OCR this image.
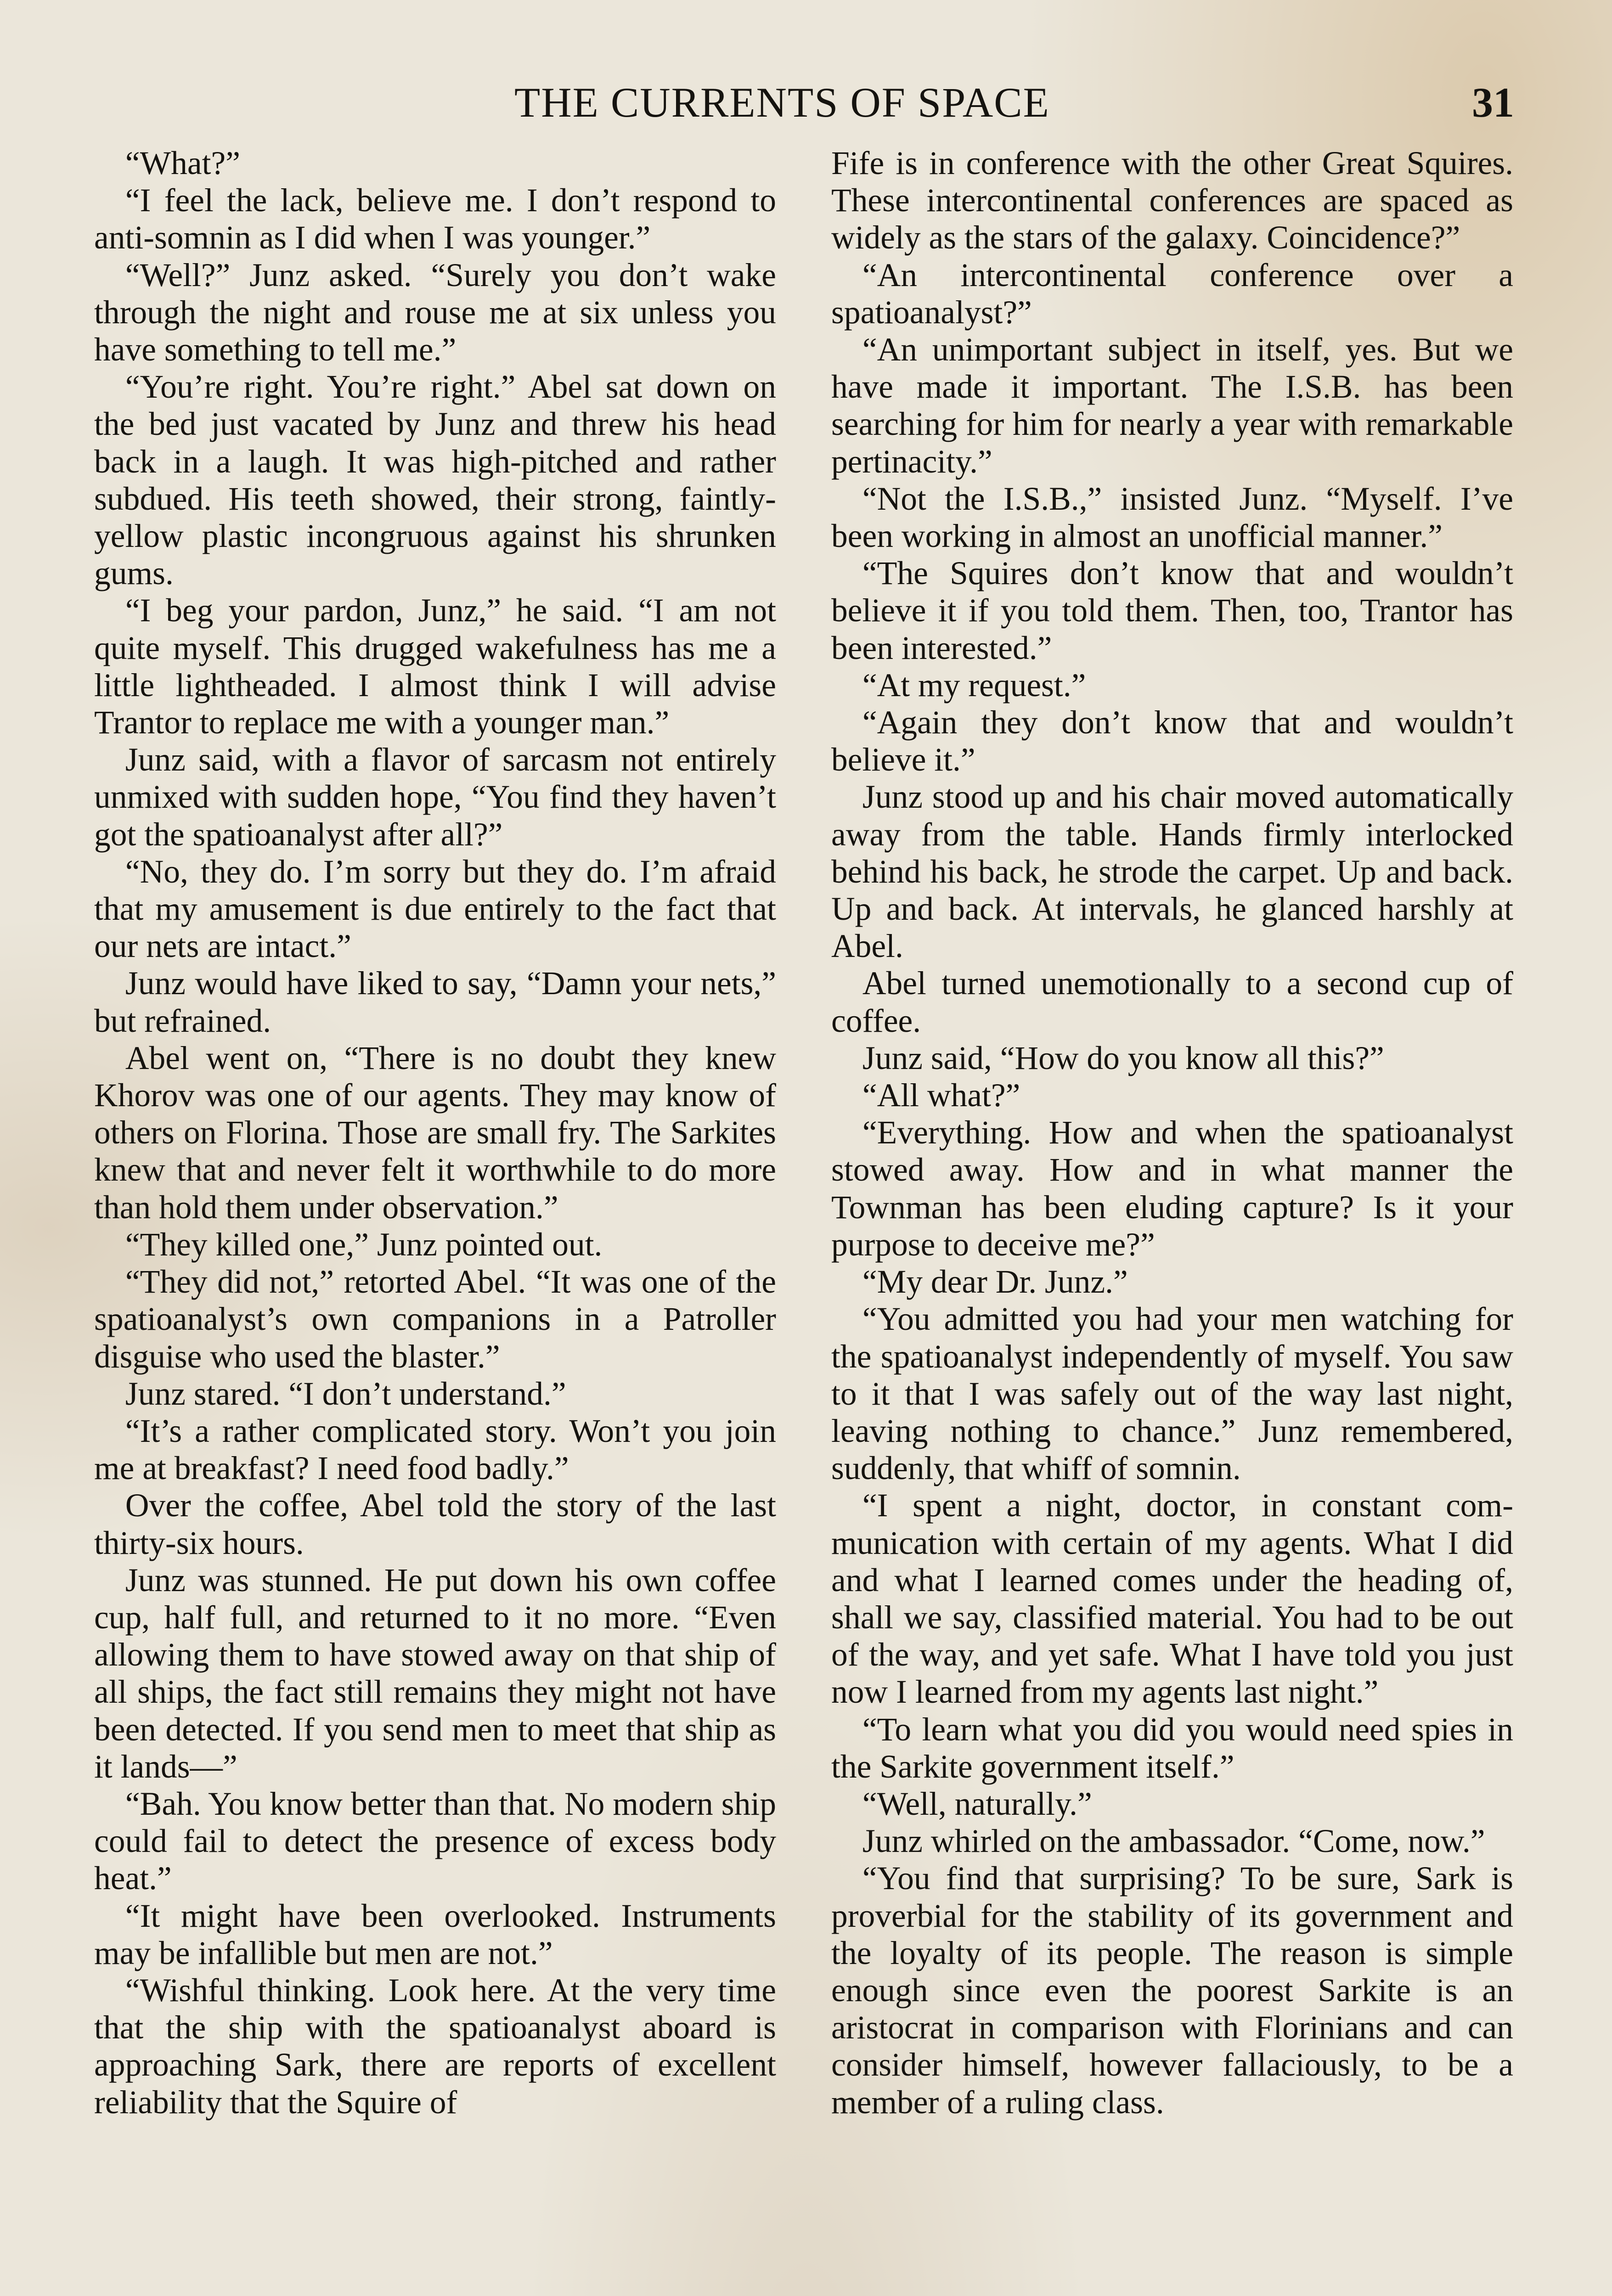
THE CURRENTS OF SPACE	31

“What?”

“I feel the lack, believe me. I don’t respond to anti-somnin as I did when I was younger.”

“Well?” Junz asked. “Surely you don’t wake through the night and rouse me at six unless you have something to tell me.”

“You’re right. You’re right.” Abel sat down on the bed just vacated by Junz and threw his head back in a laugh. It was high-pitched and rather subdued. His teeth showed, their strong, faintly-yellow plastic incongruous against his shrunken gums.

“I beg your pardon, Junz,” he said. “I am not quite myself. This drugged wakefulness has me a little lightheaded. I almost think I will advise Trantor to replace me with a younger man.”

Junz said, with a flavor of sarcasm not entirely unmixed with sudden hope, “You find they haven’t got the spatioanalyst after all?”

“No, they do. I’m sorry but they do. I’m afraid that my amusement is due entirely to the fact that our nets are intact.”

Junz would have liked to say, “Damn your nets,” but refrained.

Abel went on, “There is no doubt they knew Khorov was one of our agents. They may know of others on Florina. Those are small fry. The Sarkites knew that and never felt it worthwhile to do more than hold them under observation.”

“They killed one,” Junz pointed out.

“They did not,” retorted Abel. “It was one of the spatioanalyst’s own companions in a Patroller disguise who used the blaster.”

Junz stared. “I don’t understand.”

“It’s a rather complicated story. Won’t you join me at breakfast? I need food badly.”

Over the coffee, Abel told the story of the last thirty-six hours.

Junz was stunned. He put down his own coffee cup, half full, and returned to it no more. “Even allowing them to have stowed away on that ship of all ships, the fact still remains they might not have been detected. If you send men to meet that ship as it lands—”

“Bah. You know better than that. No modern ship could fail to detect the presence of excess body heat.”

“It might have been overlooked. Instruments may be infallible but men are not.”

“Wishful thinking. Look here. At the very time that the ship with the spatioanalyst aboard is approaching Sark, there are reports of excellent reliability that the Squire of

Fife is in conference with the other Great Squires. These intercontinental conferences are spaced as widely as the stars of the galaxy. Coincidence?”

“An intercontinental conference over a spatioanalyst?”

“An unimportant subject in itself, yes. But we have made it important. The I.S.B. has been searching for him for nearly a year with remarkable pertinacity.”

“Not the I.S.B.,” insisted Junz. “Myself. I’ve been working in almost an unofficial manner.”

“The Squires don’t know that and wouldn’t believe it if you told them. Then, too, Trantor has been interested.”

“At my request.”

“Again they don’t know that and wouldn’t believe it.”

Junz stood up and his chair moved automatically away from the table. Hands firmly interlocked behind his back, he strode the carpet. Up and back. Up and back. At intervals, he glanced harshly at Abel.

Abel turned unemotionally to a second cup of coffee.

Junz said, “How do you know all this?”

“All what?”

“Everything. How and when the spatioanalyst stowed away. How and in what manner the Townman has been eluding capture? Is it your purpose to deceive me?”

“My dear Dr. Junz.”

“You admitted you had your men watching for the spatioanalyst independently of myself. You saw to it that I was safely out of the way last night, leaving nothing to chance.” Junz remembered, suddenly, that whiff of somnin.

“I spent a night, doctor, in constant communication with certain of my agents. What I did and what I learned comes under the heading of, shall we say, classified material. You had to be out of the way, and yet safe. What I have told you just now I learned from my agents last night.”

“To learn what you did you would need spies in the Sarkite government itself.”

“Well, naturally.”

Junz whirled on the ambassador. “Come, now.”

“You find that surprising? To be sure, Sark is proverbial for the stability of its government and the loyalty of its people. The reason is simple enough since even the poorest Sarkite is an aristocrat in comparison with Florinians and can consider himself, however fallaciously, to be a member of a ruling class.
